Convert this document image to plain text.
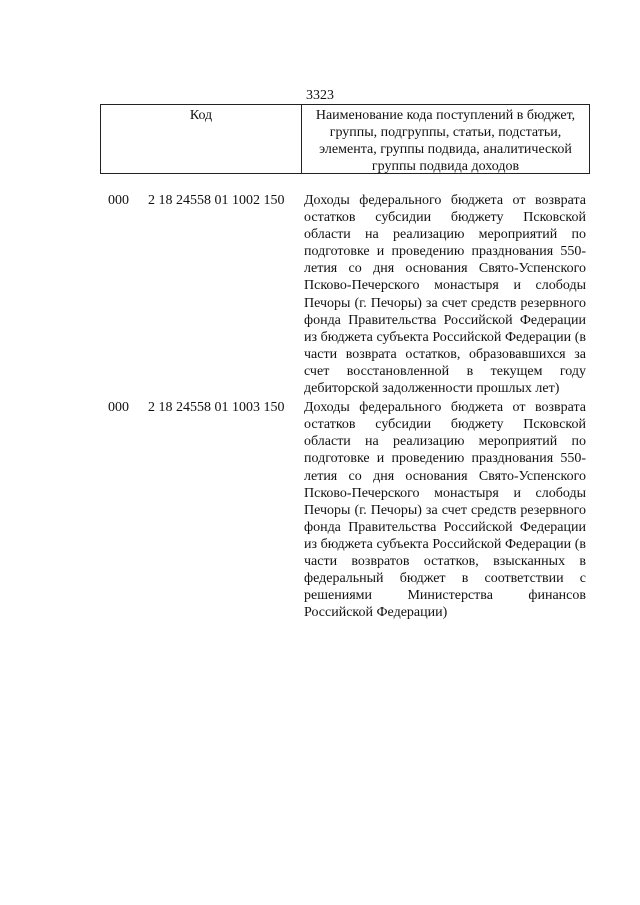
3323
Код	Наименование кода поступлений в бюджет, группы, подгруппы, статьи, подстатьи, элемента, группы подвида, аналитической группы подвида доходов
000 2 18 24558 01 1002 150 Доходы федерального бюджета от возврата остатков субсидии бюджету Псковской области на реализацию мероприятий по подготовке и проведению празднования 550-летия со дня основания Свято-Успенского Псково-Печерского монастыря и слободы Печоры (г. Печоры) за счет средств резервного фонда Правительства Российской Федерации из бюджета субъекта Российской Федерации (в части возврата остатков, образовавшихся за счет восстановленной в текущем году дебиторской задолженности прошлых лет)
000 2 18 24558 01 1003 150 Доходы федерального бюджета от возврата остатков субсидии бюджету Псковской области на реализацию мероприятий по подготовке и проведению празднования 550-летия со дня основания Свято-Успенского Псково-Печерского монастыря и слободы Печоры (г. Печоры) за счет средств резервного фонда Правительства Российской Федерации из бюджета субъекта Российской Федерации (в части возвратов остатков, взысканных в федеральный бюджет в соответствии с решениями Министерства финансов Российской Федерации)
